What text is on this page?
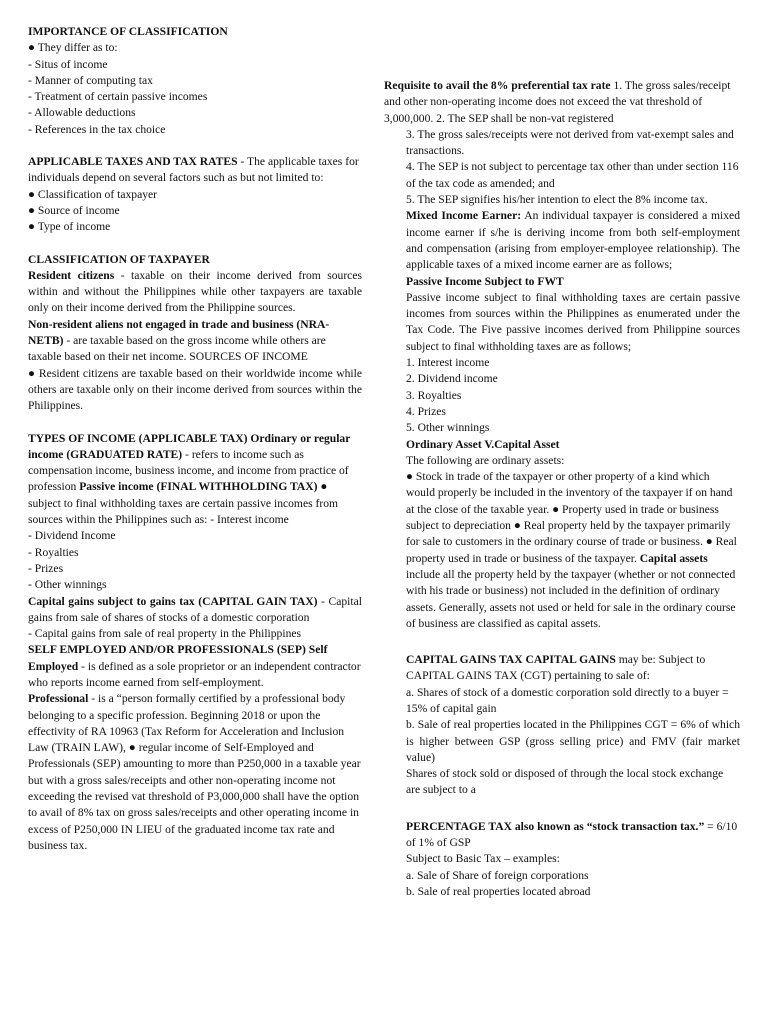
IMPORTANCE OF CLASSIFICATION

● They differ as to:

- Situs of income

- Manner of computing tax

- Treatment of certain passive incomes

- Allowable deductions

- References in the tax choice

APPLICABLE TAXES AND TAX RATES - The applicable taxes for individuals depend on several factors such as but not limited to:

● Classification of taxpayer

● Source of income

● Type of income

CLASSIFICATION OF TAXPAYER

Resident citizens - taxable on their income derived from sources within and without the Philippines while other taxpayers are taxable only on their income derived from the Philippine sources.

Non-resident aliens not engaged in trade and business (NRA-NETB) - are taxable based on the gross income while others are taxable based on their net income. SOURCES OF INCOME

● Resident citizens are taxable based on their worldwide income while others are taxable only on their income derived from sources within the Philippines.

TYPES OF INCOME (APPLICABLE TAX) Ordinary or regular income (GRADUATED RATE) - refers to income such as compensation income, business income, and income from practice of profession Passive income (FINAL WITHHOLDING TAX) ● subject to final withholding taxes are certain passive incomes from sources within the Philippines such as: - Interest income

- Dividend Income

- Royalties

- Prizes

- Other winnings

Capital gains subject to gains tax (CAPITAL GAIN TAX) - Capital gains from sale of shares of stocks of a domestic corporation

- Capital gains from sale of real property in the Philippines

SELF EMPLOYED AND/OR PROFESSIONALS (SEP) Self Employed - is defined as a sole proprietor or an independent contractor who reports income earned from self-employment.

Professional - is a “person formally certified by a professional body belonging to a specific profession. Beginning 2018 or upon the effectivity of RA 10963 (Tax Reform for Acceleration and Inclusion Law (TRAIN LAW), ● regular income of Self-Employed and Professionals (SEP) amounting to more than P250,000 in a taxable year but with a gross sales/receipts and other non-operating income not exceeding the revised vat threshold of P3,000,000 shall have the option to avail of 8% tax on gross sales/receipts and other operating income in excess of P250,000 IN LIEU of the graduated income tax rate and business tax.

Requisite to avail the 8% preferential tax rate 1. The gross sales/receipt and other non-operating income does not exceed the vat threshold of 3,000,000. 2. The SEP shall be non-vat registered

3. The gross sales/receipts were not derived from vat-exempt sales and transactions.

4. The SEP is not subject to percentage tax other than under section 116 of the tax code as amended; and

5. The SEP signifies his/her intention to elect the 8% income tax.

Mixed Income Earner: An individual taxpayer is considered a mixed income earner if s/he is deriving income from both self-employment and compensation (arising from employer-employee relationship). The applicable taxes of a mixed income earner are as follows;

Passive Income Subject to FWT

Passive income subject to final withholding taxes are certain passive incomes from sources within the Philippines as enumerated under the Tax Code. The Five passive incomes derived from Philippine sources subject to final withholding taxes are as follows;

1. Interest income

2. Dividend income

3. Royalties

4. Prizes

5. Other winnings

Ordinary Asset V.Capital Asset

The following are ordinary assets:

● Stock in trade of the taxpayer or other property of a kind which would properly be included in the inventory of the taxpayer if on hand at the close of the taxable year. ● Property used in trade or business subject to depreciation ● Real property held by the taxpayer primarily for sale to customers in the ordinary course of trade or business. ● Real property used in trade or business of the taxpayer. Capital assets include all the property held by the taxpayer (whether or not connected with his trade or business) not included in the definition of ordinary assets. Generally, assets not used or held for sale in the ordinary course of business are classified as capital assets.

CAPITAL GAINS TAX CAPITAL GAINS may be: Subject to CAPITAL GAINS TAX (CGT) pertaining to sale of:

a. Shares of stock of a domestic corporation sold directly to a buyer = 15% of capital gain

b. Sale of real properties located in the Philippines CGT = 6% of which is higher between GSP (gross selling price) and FMV (fair market value)

Shares of stock sold or disposed of through the local stock exchange are subject to a

PERCENTAGE TAX also known as “stock transaction tax.” = 6/10 of 1% of GSP

Subject to Basic Tax – examples:

a. Sale of Share of foreign corporations

b. Sale of real properties located abroad
